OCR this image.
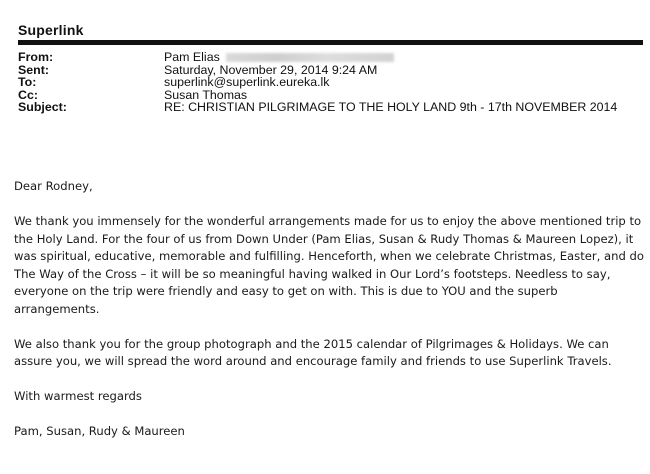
Superlink
From:	Pam Elias
Sent:	Saturday, November 29, 2014 9:24 AM
To:	superlink@superlink.eureka.lk
Cc:	Susan Thomas
Subject:	RE: CHRISTIAN PILGRIMAGE TO THE HOLY LAND 9th - 17th NOVEMBER 2014

Dear Rodney,

We thank you immensely for the wonderful arrangements made for us to enjoy the above mentioned trip to the Holy Land. For the four of us from Down Under (Pam Elias, Susan & Rudy Thomas & Maureen Lopez), it was spiritual, educative, memorable and fulfilling. Henceforth, when we celebrate Christmas, Easter, and do The Way of the Cross – it will be so meaningful having walked in Our Lord’s footsteps. Needless to say, everyone on the trip were friendly and easy to get on with. This is due to YOU and the superb arrangements.

We also thank you for the group photograph and the 2015 calendar of Pilgrimages & Holidays. We can assure you, we will spread the word around and encourage family and friends to use Superlink Travels.

With warmest regards

Pam, Susan, Rudy & Maureen
